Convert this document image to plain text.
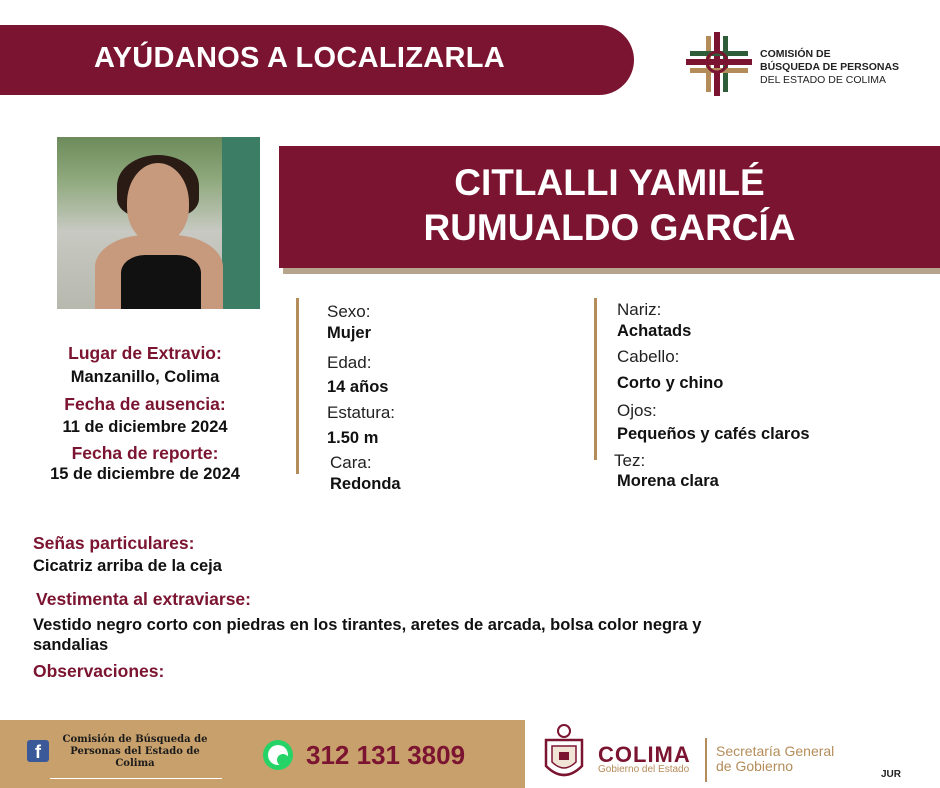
AYÚDANOS A LOCALIZARLA	COMISIÓN DE
BÚSQUEDA DE PERSONAS
DEL ESTADO DE COLIMA
CITLALLI YAMILÉ
RUMUALDO GARCÍA
Lugar de Extravio:
Manzanillo, Colima
Fecha de ausencia:
11 de diciembre 2024
Fecha de reporte:
15 de diciembre de 2024
Sexo:
Mujer
Edad:
14 años
Estatura:
1.50 m
Cara:
Redonda
Nariz:
Achatads
Cabello:
Corto y chino
Ojos:
Pequeños y cafés claros
Tez:
Morena clara
Señas particulares:
Cicatriz arriba de la ceja
Vestimenta al extraviarse:
Vestido negro corto con piedras en los tirantes, aretes de arcada, bolsa color negra y
sandalias
Observaciones:
f
Comisión de Búsqueda de
Personas del Estado de
Colima	312 131 3809	COLIMA
Gobierno del Estado
Secretaría General
de Gobierno
JUR
